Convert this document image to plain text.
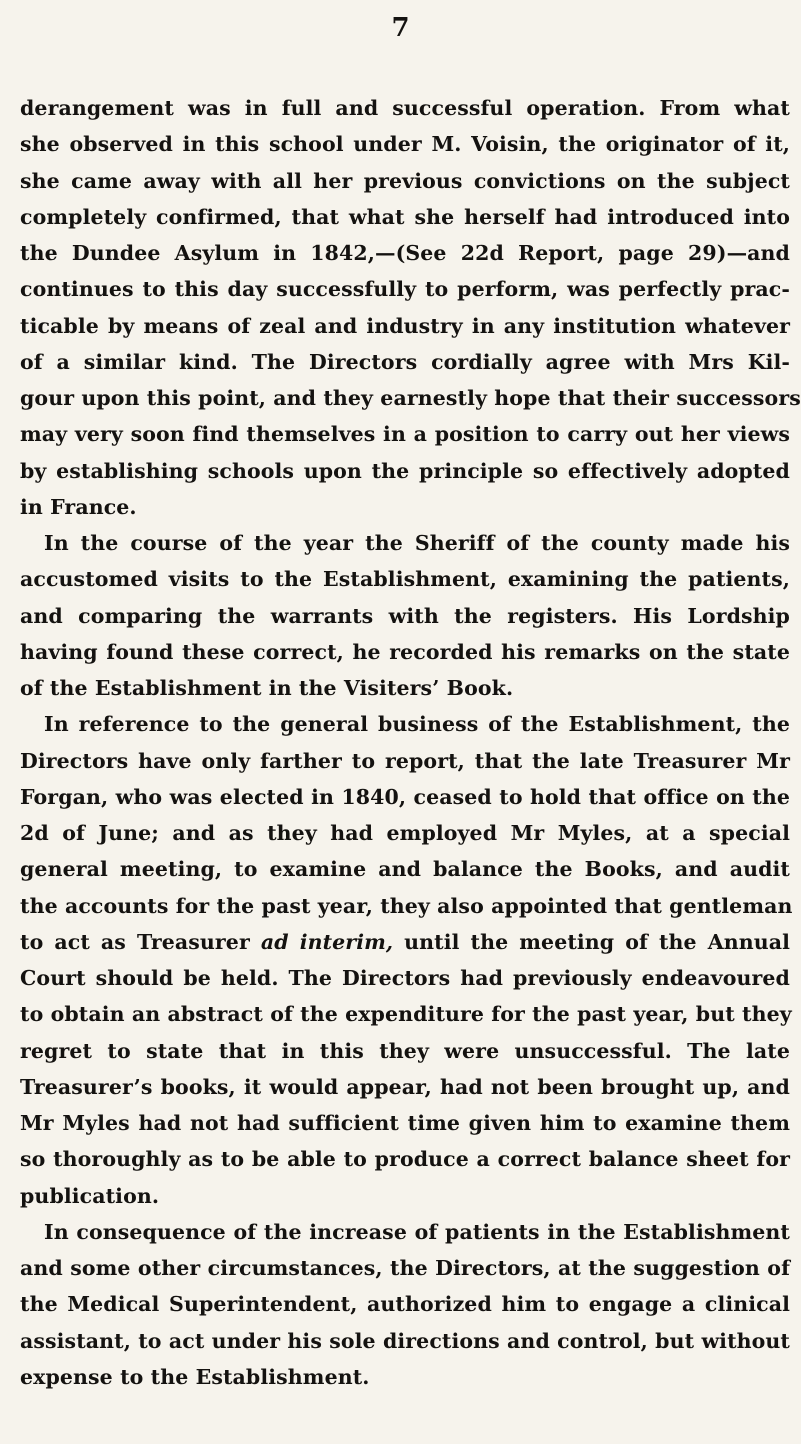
7
derangement was in full and successful operation. From what
she observed in this school under M. Voisin, the originator of it,
she came away with all her previous convictions on the subject
completely confirmed, that what she herself had introduced into
the Dundee Asylum in 1842,—(See 22d Report, page 29)—and
continues to this day successfully to perform, was perfectly prac-
ticable by means of zeal and industry in any institution whatever
of a similar kind. The Directors cordially agree with Mrs Kil-
gour upon this point, and they earnestly hope that their successors
may very soon find themselves in a position to carry out her views
by establishing schools upon the principle so effectively adopted
in France.
In the course of the year the Sheriff of the county made his
accustomed visits to the Establishment, examining the patients,
and comparing the warrants with the registers. His Lordship
having found these correct, he recorded his remarks on the state
of the Establishment in the Visiters’ Book.
In reference to the general business of the Establishment, the
Directors have only farther to report, that the late Treasurer Mr
Forgan, who was elected in 1840, ceased to hold that office on the
2d of June; and as they had employed Mr Myles, at a special
general meeting, to examine and balance the Books, and audit
the accounts for the past year, they also appointed that gentleman
to act as Treasurer ad interim, until the meeting of the Annual
Court should be held. The Directors had previously endeavoured
to obtain an abstract of the expenditure for the past year, but they
regret to state that in this they were unsuccessful. The late
Treasurer’s books, it would appear, had not been brought up, and
Mr Myles had not had sufficient time given him to examine them
so thoroughly as to be able to produce a correct balance sheet for
publication.
In consequence of the increase of patients in the Establishment
and some other circumstances, the Directors, at the suggestion of
the Medical Superintendent, authorized him to engage a clinical
assistant, to act under his sole directions and control, but without
expense to the Establishment.
